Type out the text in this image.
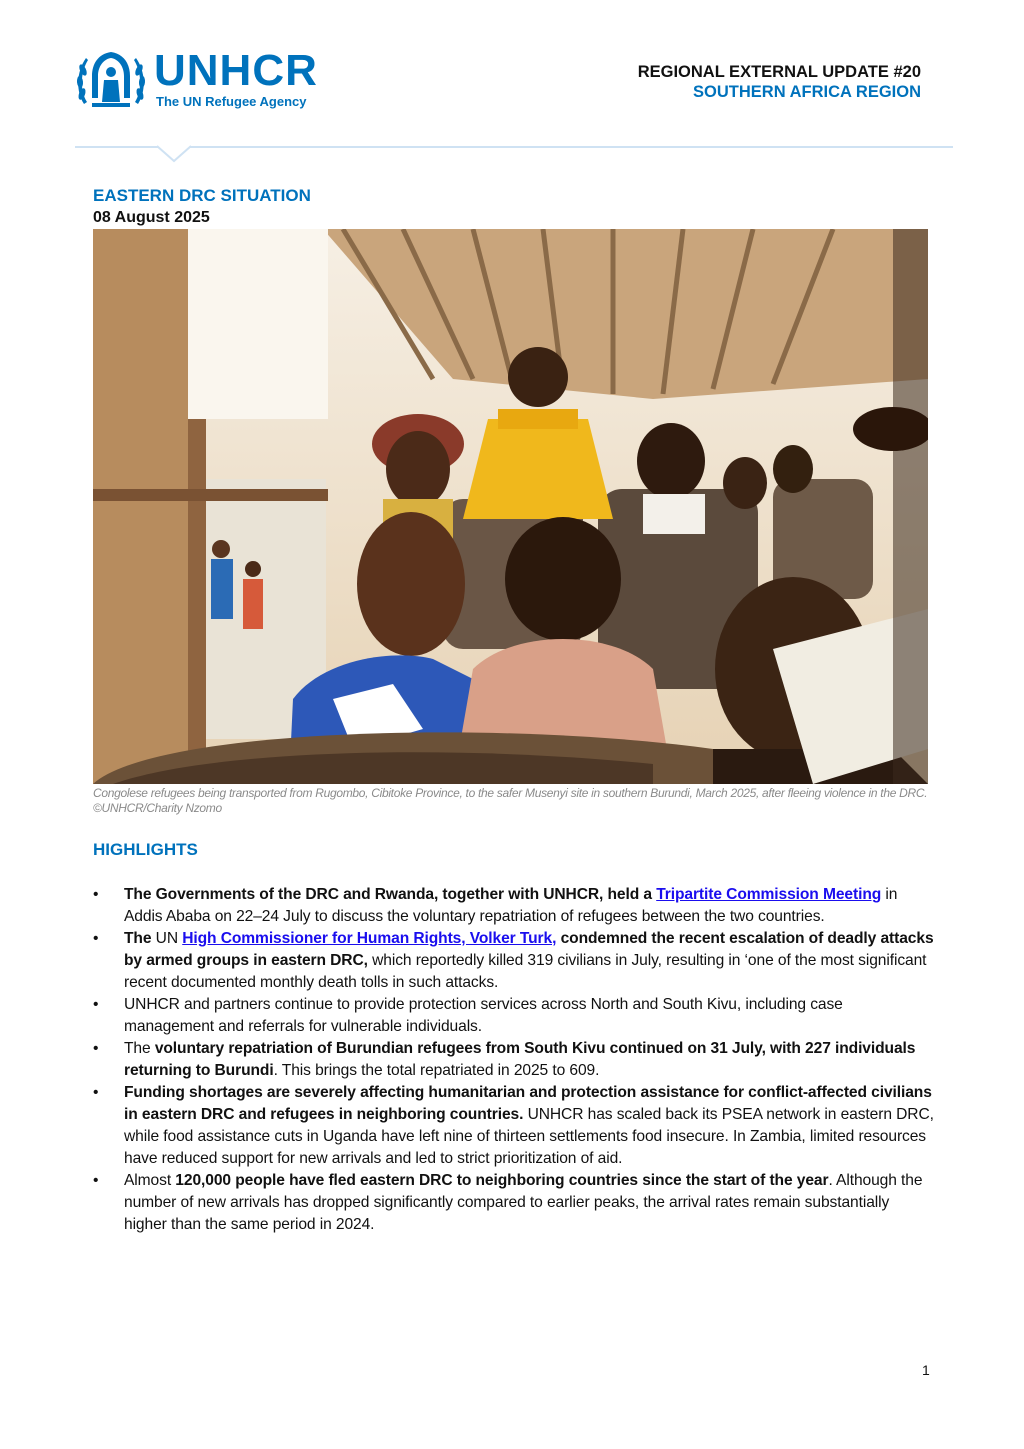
UNHCR
The UN Refugee Agency
REGIONAL EXTERNAL UPDATE #20
SOUTHERN AFRICA REGION
EASTERN DRC SITUATION
08 August 2025
Congolese refugees being transported from Rugombo, Cibitoke Province, to the safer Musenyi site in southern Burundi, March 2025, after fleeing violence in the DRC. ©UNHCR/Charity Nzomo
HIGHLIGHTS
•	The Governments of the DRC and Rwanda, together with UNHCR, held a Tripartite Commission Meeting in Addis Ababa on 22–24 July to discuss the voluntary repatriation of refugees between the two countries.
•	The UN High Commissioner for Human Rights, Volker Turk, condemned the recent escalation of deadly attacks by armed groups in eastern DRC, which reportedly killed 319 civilians in July, resulting in ‘one of the most significant recent documented monthly death tolls in such attacks.
•	UNHCR and partners continue to provide protection services across North and South Kivu, including case management and referrals for vulnerable individuals.
•	The voluntary repatriation of Burundian refugees from South Kivu continued on 31 July, with 227 individuals returning to Burundi. This brings the total repatriated in 2025 to 609.
•	Funding shortages are severely affecting humanitarian and protection assistance for conflict-affected civilians in eastern DRC and refugees in neighboring countries. UNHCR has scaled back its PSEA network in eastern DRC, while food assistance cuts in Uganda have left nine of thirteen settlements food insecure. In Zambia, limited resources have reduced support for new arrivals and led to strict prioritization of aid.
•	Almost 120,000 people have fled eastern DRC to neighboring countries since the start of the year. Although the number of new arrivals has dropped significantly compared to earlier peaks, the arrival rates remain substantially higher than the same period in 2024.
1
